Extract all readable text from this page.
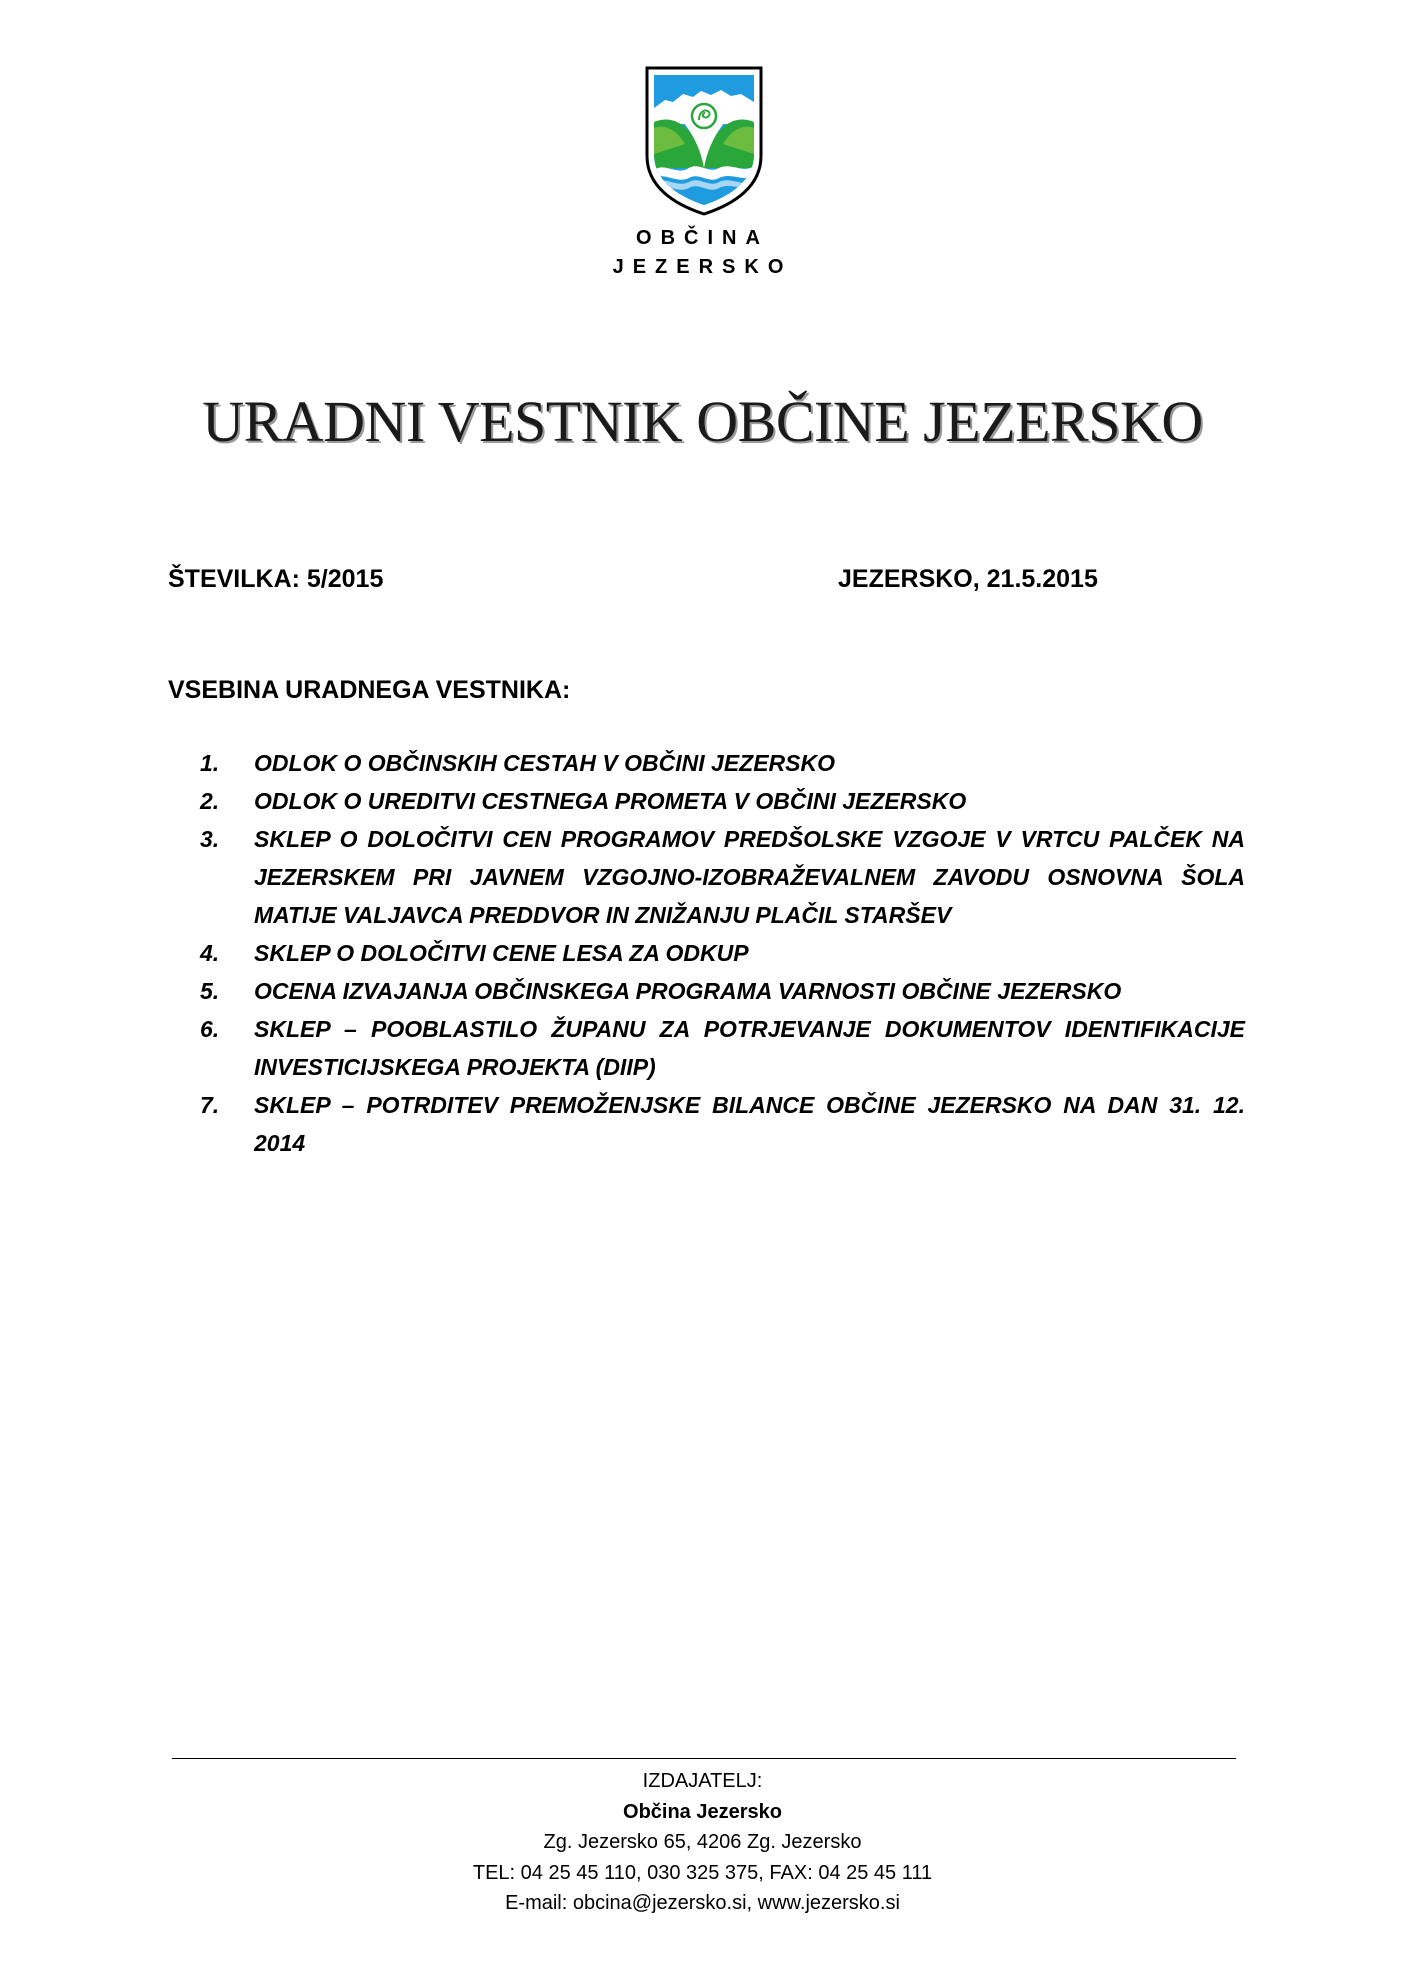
OBČINA
JEZERSKO
URADNI VESTNIK OBČINE JEZERSKO
ŠTEVILKA: 5/2015	JEZERSKO, 21.5.2015
VSEBINA URADNEGA VESTNIKA:
1.	ODLOK O OBČINSKIH CESTAH V OBČINI JEZERSKO
2.	ODLOK O UREDITVI CESTNEGA PROMETA V OBČINI JEZERSKO
3.	SKLEP O DOLOČITVI CEN PROGRAMOV PREDŠOLSKE VZGOJE V VRTCU PALČEK NA JEZERSKEM PRI JAVNEM VZGOJNO-IZOBRAŽEVALNEM ZAVODU OSNOVNA ŠOLA MATIJE VALJAVCA PREDDVOR IN ZNIŽANJU PLAČIL STARŠEV
4.	SKLEP O DOLOČITVI CENE LESA ZA ODKUP
5.	OCENA IZVAJANJA OBČINSKEGA PROGRAMA VARNOSTI OBČINE JEZERSKO
6.	SKLEP – POOBLASTILO ŽUPANU ZA POTRJEVANJE DOKUMENTOV IDENTIFIKACIJE INVESTICIJSKEGA PROJEKTA (DIIP)
7.	SKLEP – POTRDITEV PREMOŽENJSKE BILANCE OBČINE JEZERSKO NA DAN 31. 12. 2014
IZDAJATELJ:
Občina Jezersko
Zg. Jezersko 65, 4206 Zg. Jezersko
TEL: 04 25 45 110, 030 325 375, FAX: 04 25 45 111
E-mail: obcina@jezersko.si, www.jezersko.si
